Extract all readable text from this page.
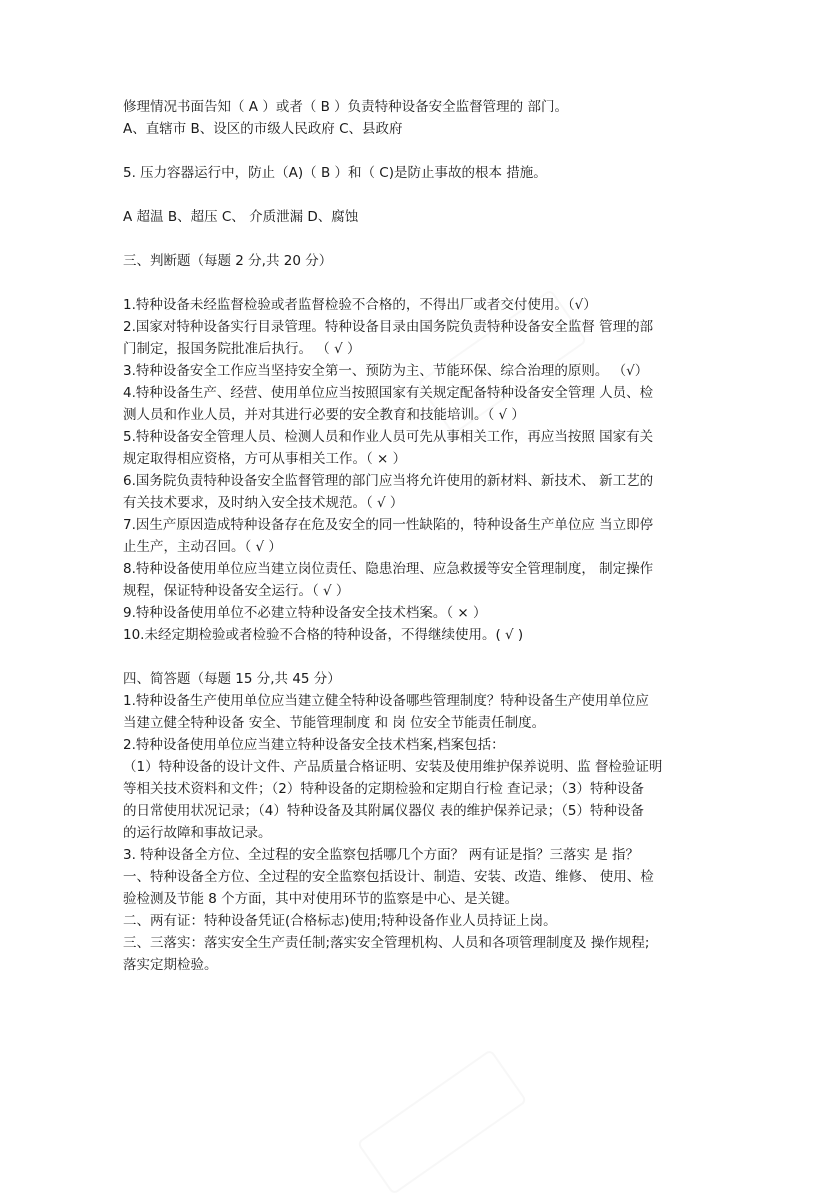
修理情况书面告知（ A ）或者（ B ）负责特种设备安全监督管理的 部门。

A、直辖市 B、设区的市级人民政府 C、县政府

5. 压力容器运行中，防止（A)（ B ）和（ C)是防止事故的根本 措施。

A 超温 B、超压 C、 介质泄漏 D、腐蚀

三、判断题（每题 2 分,共 20 分）

1.特种设备未经监督检验或者监督检验不合格的，不得出厂或者交付使用。（√）

2.国家对特种设备实行目录管理。特种设备目录由国务院负责特种设备安全监督 管理的部

门制定，报国务院批准后执行。 （ √ ）

3.特种设备安全工作应当坚持安全第一、预防为主、节能环保、综合治理的原则。 （√）

4.特种设备生产、经营、使用单位应当按照国家有关规定配备特种设备安全管理 人员、检

测人员和作业人员，并对其进行必要的安全教育和技能培训。（ √ ）

5.特种设备安全管理人员、检测人员和作业人员可先从事相关工作，再应当按照 国家有关

规定取得相应资格，方可从事相关工作。（ × ）

6.国务院负责特种设备安全监督管理的部门应当将允许使用的新材料、新技术、 新工艺的

有关技术要求，及时纳入安全技术规范。（ √ ）

7.因生产原因造成特种设备存在危及安全的同一性缺陷的，特种设备生产单位应 当立即停

止生产，主动召回。（ √ ）

8.特种设备使用单位应当建立岗位责任、隐患治理、应急救援等安全管理制度， 制定操作

规程，保证特种设备安全运行。（ √ ）

9.特种设备使用单位不必建立特种设备安全技术档案。（ × ）

10.未经定期检验或者检验不合格的特种设备，不得继续使用。( √ )

四、简答题（每题 15 分,共 45 分）

1.特种设备生产使用单位应当建立健全特种设备哪些管理制度？特种设备生产使用单位应

当建立健全特种设备 安全、节能管理制度 和 岗 位安全节能责任制度。

2.特种设备使用单位应当建立特种设备安全技术档案,档案包括：

（1）特种设备的设计文件、产品质量合格证明、安装及使用维护保养说明、监 督检验证明

等相关技术资料和文件；（2）特种设备的定期检验和定期自行检 查记录；（3）特种设备

的日常使用状况记录；（4）特种设备及其附属仪器仪 表的维护保养记录；（5）特种设备

的运行故障和事故记录。

3. 特种设备全方位、全过程的安全监察包括哪几个方面？ 两有证是指？三落实 是 指？

一、特种设备全方位、全过程的安全监察包括设计、制造、安装、改造、维修、 使用、检

验检测及节能 8 个方面，其中对使用环节的监察是中心、是关键。

二、两有证：特种设备凭证(合格标志)使用;特种设备作业人员持证上岗。

三、三落实：落实安全生产责任制;落实安全管理机构、人员和各项管理制度及 操作规程;

落实定期检验。
